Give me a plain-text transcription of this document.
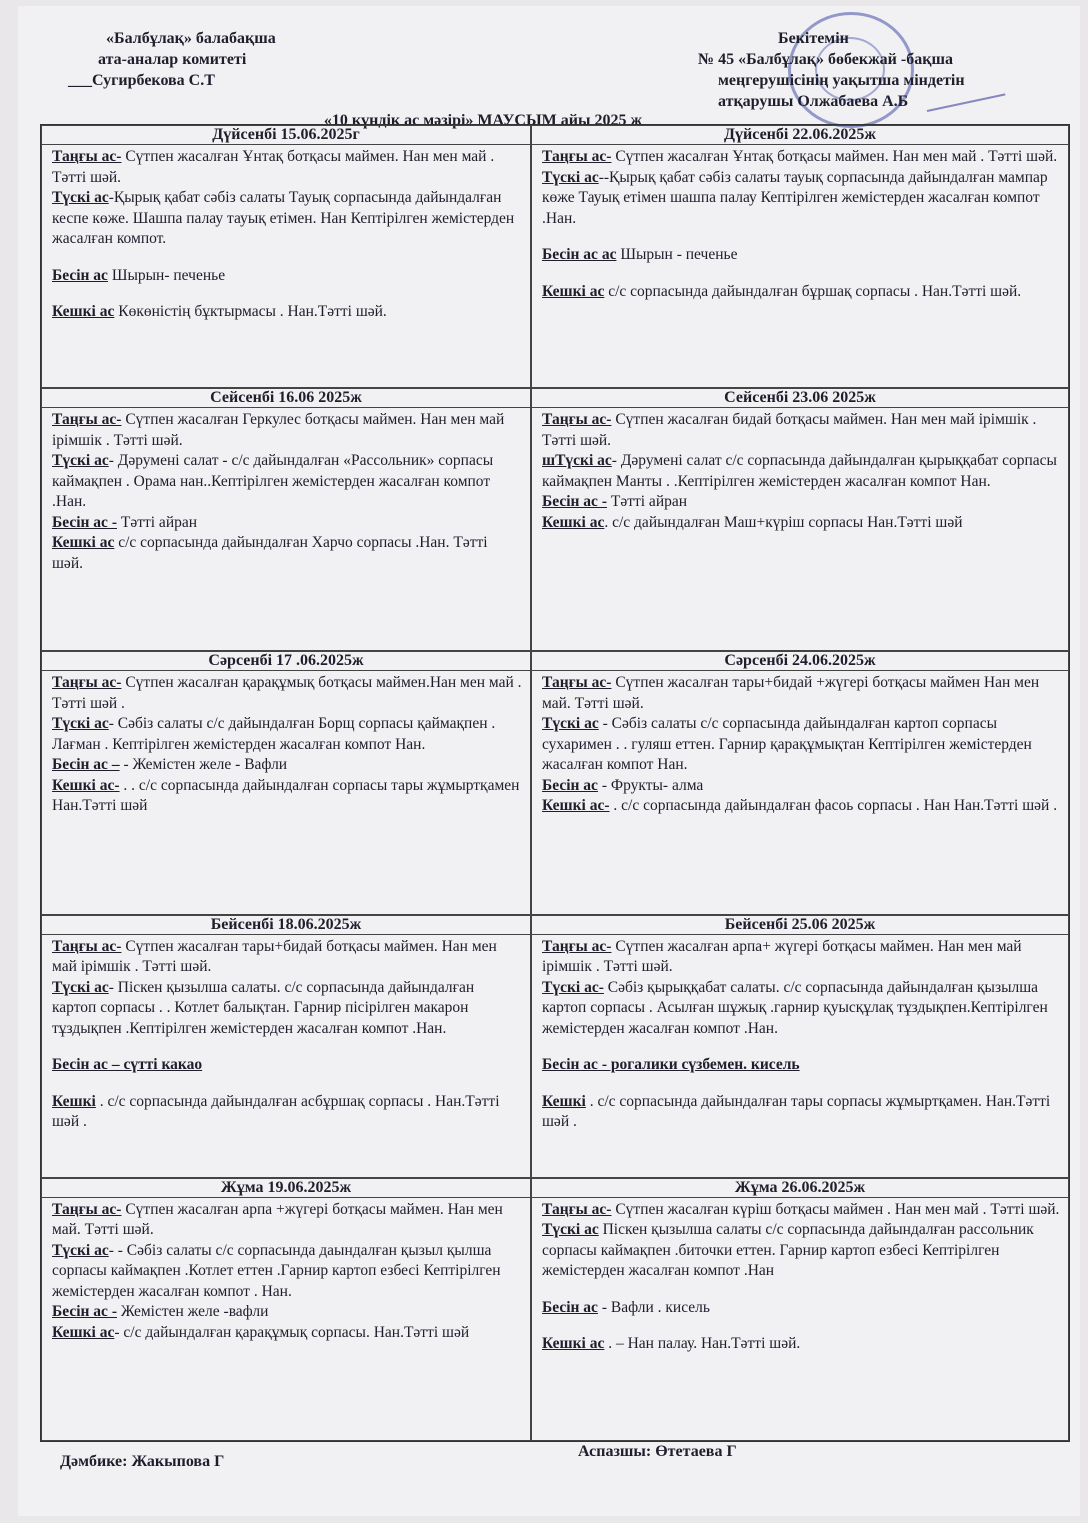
«Балбұлақ» балабақша
ата-аналар комитеті
___Сугирбекова С.Т
Бекітемін
№ 45 «Балбұлақ» бөбекжай -бақша
меңгерушісінің уақытша міндетін
атқарушы Олжабаева А.Б
«10 күндік ас мәзірі» МАУСЫМ айы 2025 ж
Дүйсенбі 15.06.2025г

Таңғы ас- Сүтпен жасалған Ұнтақ ботқасы маймен. Нан мен май . Тәтті шәй.

Түскі ас-Қырық қабат сәбіз салаты Тауық сорпасында дайындалған кеспе көже. Шашпа палау тауық етімен. Нан Кептірілген жемістерден жасалған компот.

Бесін ас Шырын- печенье

Кешкі ас Көкөністің бұктырмасы . Нан.Тәтті шәй.

Дүйсенбі 22.06.2025ж

Таңғы ас- Сүтпен жасалған Ұнтақ ботқасы маймен. Нан мен май . Тәтті шәй.

Түскі ас--Қырық қабат сәбіз салаты тауық сорпасында дайындалған мампар көже Тауық етімен шашпа палау Кептірілген жемістерден жасалған компот .Нан.

Бесін ас ас Шырын - печенье

Кешкі ас с/с сорпасында дайындалған бұршақ сорпасы . Нан.Тәтті шәй.

Сейсенбі 16.06 2025ж

Таңғы ас- Сүтпен жасалған Геркулес ботқасы маймен. Нан мен май ірімшік . Тәтті шәй.

Түскі ас- Дәрумені салат - с/с дайындалған «Рассольник» сорпасы каймақпен . Орама нан..Кептірілген жемістерден жасалған компот .Нан.

Бесін ас - Тәтті айран

Кешкі ас с/с сорпасында дайындалған Харчо сорпасы .Нан. Тәтті шәй.

Сейсенбі 23.06 2025ж

Таңғы ас- Сүтпен жасалған бидай ботқасы маймен. Нан мен май ірімшік . Тәтті шәй.

шТүскі ас- Дәрумені салат с/с сорпасында дайындалған қырыққабат сорпасы каймақпен Манты . .Кептірілген жемістерден жасалған компот Нан.

Бесін ас - Тәтті айран

Кешкі ас. с/с дайындалған Маш+күріш сорпасы Нан.Тәтті шәй

Сәрсенбі 17 .06.2025ж

Таңғы ас- Сүтпен жасалған қарақұмық ботқасы маймен.Нан мен май . Тәтті шәй .

Түскі ас- Сәбіз салаты с/с дайындалған Борщ сорпасы қаймақпен . Лағман . Кептірілген жемістерден жасалған компот Нан.

Бесін ас – - Жемістен желе - Вафли

Кешкі ас- . . с/с сорпасында дайындалған сорпасы тары жұмыртқамен Нан.Тәтті шәй

Сәрсенбі 24.06.2025ж

Таңғы ас- Сүтпен жасалған тары+бидай +жүгері ботқасы маймен Нан мен май. Тәтті шәй.

Түскі ас - Сәбіз салаты с/с сорпасында дайындалған картоп сорпасы сухаримен . . гуляш еттен. Гарнир қарақұмықтан Кептірілген жемістерден жасалған компот Нан.

Бесін ас - Фрукты- алма

Кешкі ас- . с/с сорпасында дайындалған фасоь сорпасы . Нан Нан.Тәтті шәй .

Бейсенбі 18.06.2025ж

Таңғы ас- Сүтпен жасалған тары+бидай ботқасы маймен. Нан мен май ірімшік . Тәтті шәй.

Түскі ас- Піскен қызылша салаты. с/с сорпасында дайындалған картоп сорпасы . . Котлет балықтан. Гарнир пісірілген макарон тұздықпен .Кептірілген жемістерден жасалған компот .Нан.

Бесін ас – сүтті какао

Кешкі . с/с сорпасында дайындалған асбұршақ сорпасы . Нан.Тәтті шәй .

Бейсенбі 25.06 2025ж

Таңғы ас- Сүтпен жасалған арпа+ жүгері ботқасы маймен. Нан мен май ірімшік . Тәтті шәй.

Түскі ас- Сәбіз қырыққабат салаты. с/с сорпасында дайындалған қызылша картоп сорпасы . Асылған шұжық .гарнир қуысқұлақ тұздықпен.Кептірілген жемістерден жасалған компот .Нан.

Бесін ас - рогалики сүзбемен. кисель

Кешкі . с/с сорпасында дайындалған тары сорпасы жұмыртқамен. Нан.Тәтті шәй .

Жұма 19.06.2025ж

Таңғы ас- Сүтпен жасалған арпа +жүгері ботқасы маймен. Нан мен май. Тәтті шәй.

Түскі ас- - Сәбіз салаты с/с сорпасында даындалған қызыл қылша сорпасы каймақпен .Котлет еттен .Гарнир картоп езбесі Кептірілген жемістерден жасалған компот . Нан.

Бесін ас - Жемістен желе -вафли

Кешкі ас- с/с дайындалған қарақұмық сорпасы. Нан.Тәтті шәй

Жұма 26.06.2025ж

Таңғы ас- Сүтпен жасалған күріш ботқасы маймен . Нан мен май . Тәтті шәй.

Түскі ас Піскен қызылша салаты с/с сорпасында дайындалған рассольник сорпасы каймақпен .биточки еттен. Гарнир картоп езбесі Кептірілген жемістерден жасалған компот .Нан

Бесін ас - Вафли . кисель

Кешкі ас . – Нан палау. Нан.Тәтті шәй.

Дәмбике: Жакыпова Г
Аспазшы: Өтетаева Г
